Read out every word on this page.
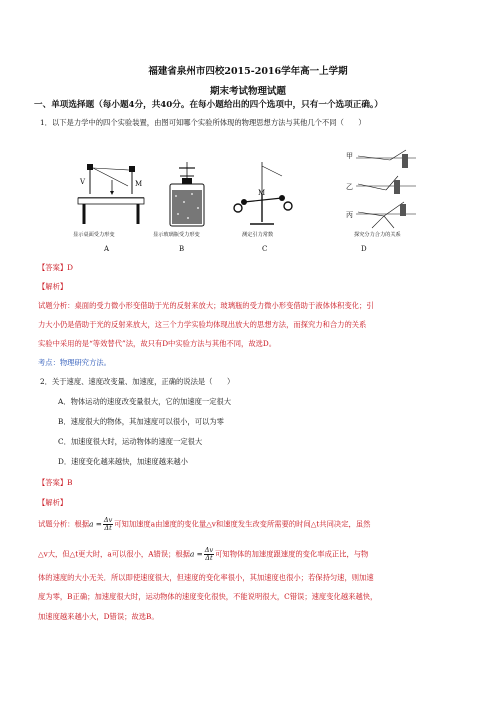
福建省泉州市四校2015-2016学年高一上学期
期末考试物理试题
一、单项选择题（每小题4分，共40分。在每小题给出的四个选项中，只有一个选项正确。）
1．以下是力学中的四个实验装置，由图可知哪个实验所体现的物理思想方法与其他几个不同（　　）
V	M
显示桌面受力形变	显示玻璃瓶受力形变
M
测定引力常数
甲
乙
丙
探究分力合力的关系
A	B	C	D
【答案】D
【解析】
试题分析：桌面的受力微小形变借助于光的反射来放大；玻璃瓶的受力微小形变借助于液体体积变化；引
力大小仍是借助于光的反射来放大，这三个力学实验均体现出放大的思想方法，而探究力和合力的关系
实验中采用的是“等效替代”法，故只有D中实验方法与其他不同，故选D。
考点：物理研究方法。
2．关于速度、速度改变量、加速度，正确的说法是（　　）
A．物体运动的速度改变量很大，它的加速度一定很大
B．速度很大的物体，其加速度可以很小，可以为零
C．加速度很大时，运动物体的速度一定很大
D．速度变化越来越快，加速度越来越小
【答案】B
【解析】
试题分析：根据$a = \frac{\Delta v}{\Delta t}$ 可知加速度a由速度的变化量△v和速度发生改变所需要的时间△t共同决定，虽然
△v大，但△t更大时，a可以很小，A错误；根据$a = \frac{\Delta v}{\Delta t}$ 可知物体的加速度跟速度的变化率成正比，与物
体的速度的大小无关．所以即使速度很大，但速度的变化率很小，其加速度也很小；若保持匀速，则加速
度为零，B正确；加速度很大时，运动物体的速度变化很快，不能说明很大，C错误；速度变化越来越快，
加速度越来越小大，D错误；故选B。
